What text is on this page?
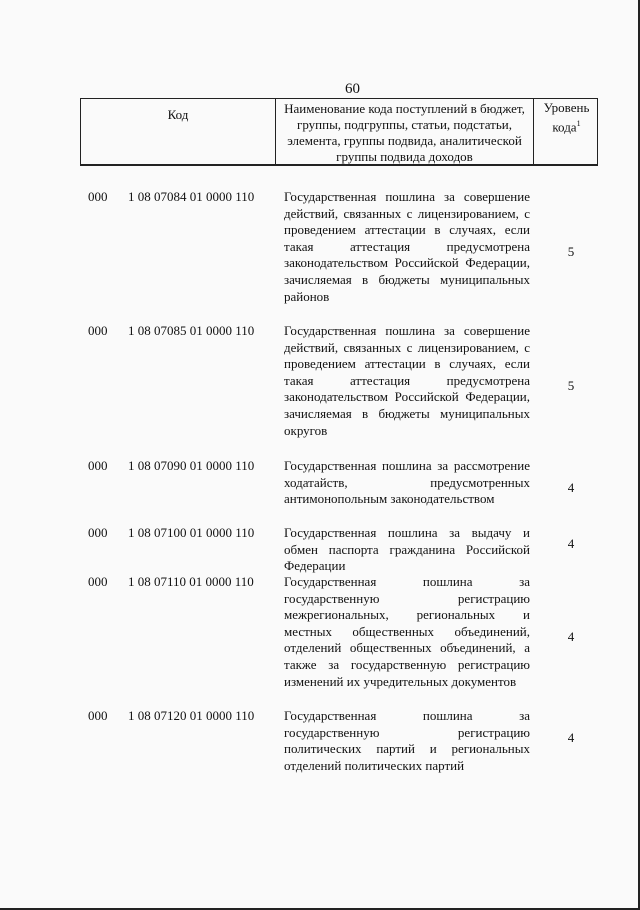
60
Код	Наименование кода поступлений в бюджет, группы, подгруппы, статьи, подстатьи, элемента, группы подвида, аналитической группы подвида доходов
Уровень кода$^1$
000 1 08 07084 01 0000 110 Государственная пошлина за совершение действий, связанных с лицензированием, с проведением аттестации в случаях, если такая аттестация предусмотрена законодательством Российской Федерации, зачисляемая в бюджеты муниципальных районов
5
000 1 08 07085 01 0000 110 Государственная пошлина за совершение действий, связанных с лицензированием, с проведением аттестации в случаях, если такая аттестация предусмотрена законодательством Российской Федерации, зачисляемая в бюджеты муниципальных округов
5
000 1 08 07090 01 0000 110 Государственная пошлина за рассмотрение ходатайств, предусмотренных антимонопольным законодательством
4
000 1 08 07100 01 0000 110 Государственная пошлина за выдачу и обмен паспорта гражданина Российской Федерации
4
000 1 08 07110 01 0000 110 Государственная пошлина за государственную регистрацию межрегиональных, региональных и местных общественных объединений, отделений общественных объединений, а также за государственную регистрацию изменений их учредительных документов
4
000 1 08 07120 01 0000 110 Государственная пошлина за государственную регистрацию политических партий и региональных отделений политических партий
4
